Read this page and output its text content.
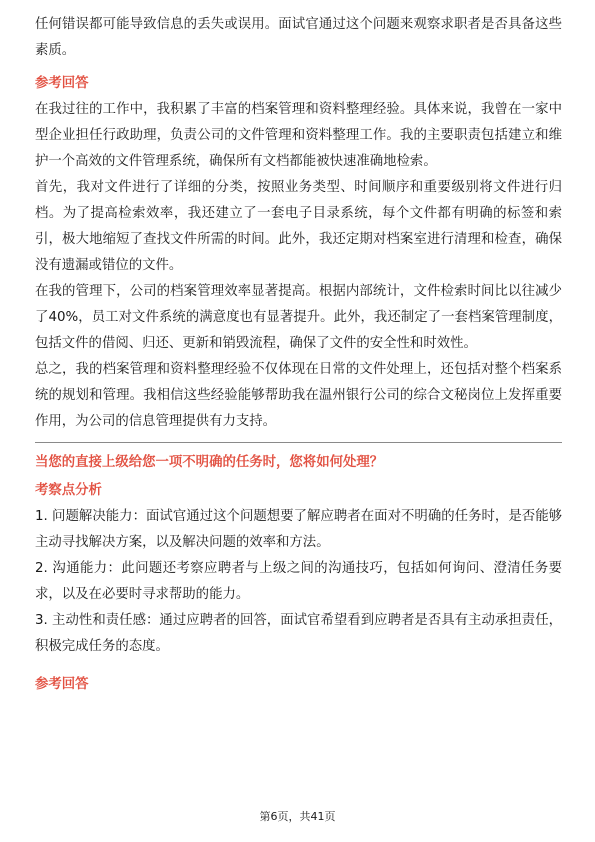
任何错误都可能导致信息的丢失或误用。面试官通过这个问题来观察求职者是否具备这些素质。

参考回答

在我过往的工作中，我积累了丰富的档案管理和资料整理经验。具体来说，我曾在一家中型企业担任行政助理，负责公司的文件管理和资料整理工作。我的主要职责包括建立和维护一个高效的文件管理系统，确保所有文档都能被快速准确地检索。

首先，我对文件进行了详细的分类，按照业务类型、时间顺序和重要级别将文件进行归档。为了提高检索效率，我还建立了一套电子目录系统，每个文件都有明确的标签和索引，极大地缩短了查找文件所需的时间。此外，我还定期对档案室进行清理和检查，确保没有遗漏或错位的文件。

在我的管理下，公司的档案管理效率显著提高。根据内部统计，文件检索时间比以往减少了40%，员工对文件系统的满意度也有显著提升。此外，我还制定了一套档案管理制度，包括文件的借阅、归还、更新和销毁流程，确保了文件的安全性和时效性。

总之，我的档案管理和资料整理经验不仅体现在日常的文件处理上，还包括对整个档案系统的规划和管理。我相信这些经验能够帮助我在温州银行公司的综合文秘岗位上发挥重要作用，为公司的信息管理提供有力支持。

当您的直接上级给您一项不明确的任务时，您将如何处理？
考察点分析

1. 问题解决能力：面试官通过这个问题想要了解应聘者在面对不明确的任务时，是否能够主动寻找解决方案，以及解决问题的效率和方法。

2. 沟通能力：此问题还考察应聘者与上级之间的沟通技巧，包括如何询问、澄清任务要求，以及在必要时寻求帮助的能力。

3. 主动性和责任感：通过应聘者的回答，面试官希望看到应聘者是否具有主动承担责任，积极完成任务的态度。

参考回答
第6页，共41页
